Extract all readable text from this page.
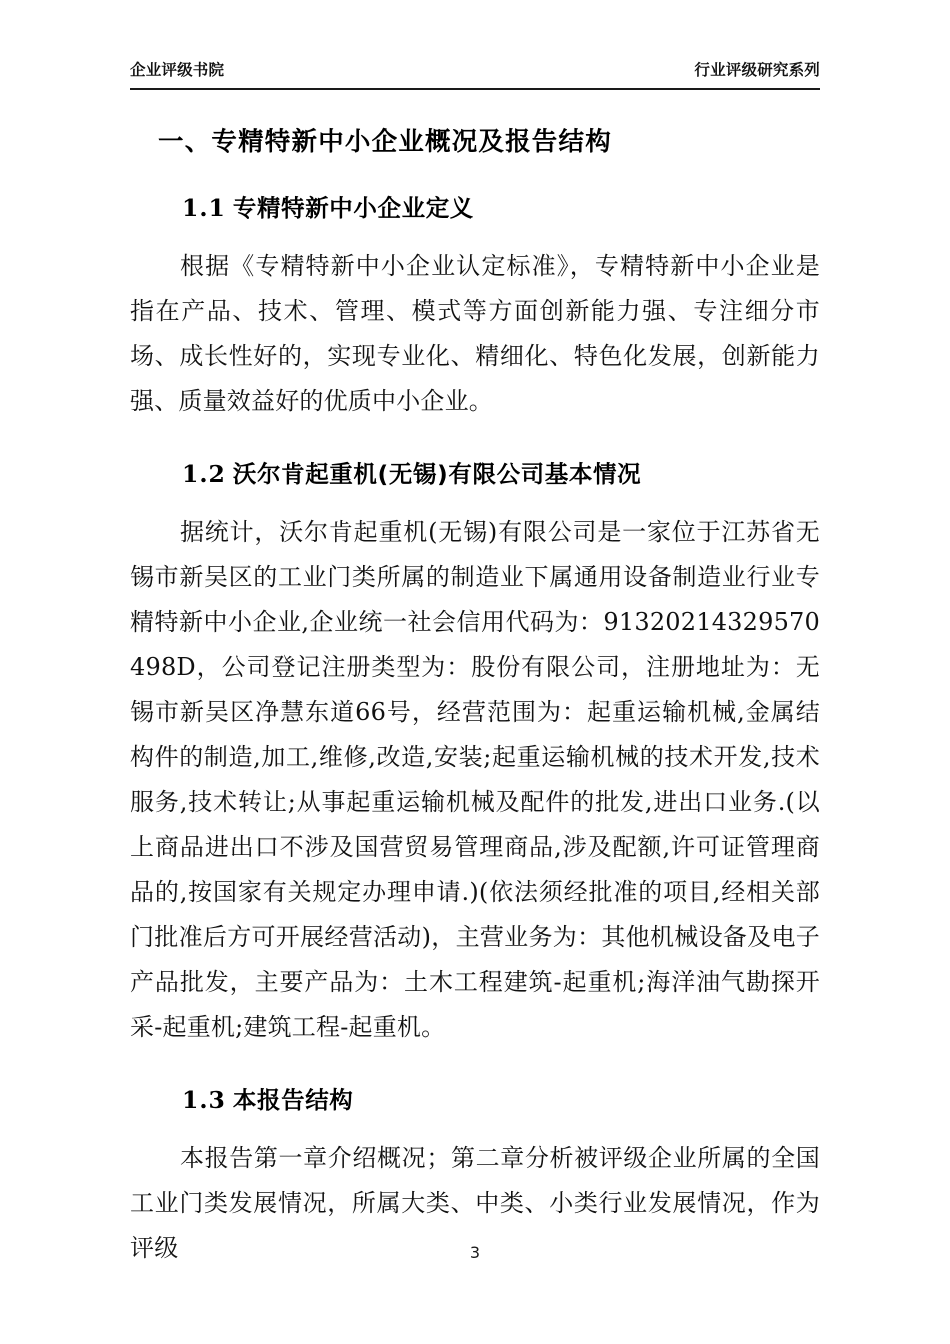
企业评级书院	行业评级研究系列
一、专精特新中小企业概况及报告结构
1.1 专精特新中小企业定义

根据《专精特新中小企业认定标准》，专精特新中小企业是指在产品、技术、管理、模式等方面创新能力强、专注细分市场、成长性好的，实现专业化、精细化、特色化发展，创新能力强、质量效益好的优质中小企业。

1.2 沃尔肯起重机(无锡)有限公司基本情况

据统计，沃尔肯起重机(无锡)有限公司是一家位于江苏省无锡市新吴区的工业门类所属的制造业下属通用设备制造业行业专精特新中小企业,企业统一社会信用代码为：91320214329570498D，公司登记注册类型为：股份有限公司，注册地址为：无锡市新吴区净慧东道66号，经营范围为：起重运输机械,金属结构件的制造,加工,维修,改造,安装;起重运输机械的技术开发,技术服务,技术转让;从事起重运输机械及配件的批发,进出口业务.(以上商品进出口不涉及国营贸易管理商品,涉及配额,许可证管理商品的,按国家有关规定办理申请.)(依法须经批准的项目,经相关部门批准后方可开展经营活动)，主营业务为：其他机械设备及电子产品批发，主要产品为：土木工程建筑-起重机;海洋油气勘探开采-起重机;建筑工程-起重机。

1.3 本报告结构

本报告第一章介绍概况；第二章分析被评级企业所属的全国工业门类发展情况，所属大类、中类、小类行业发展情况，作为评级	3
